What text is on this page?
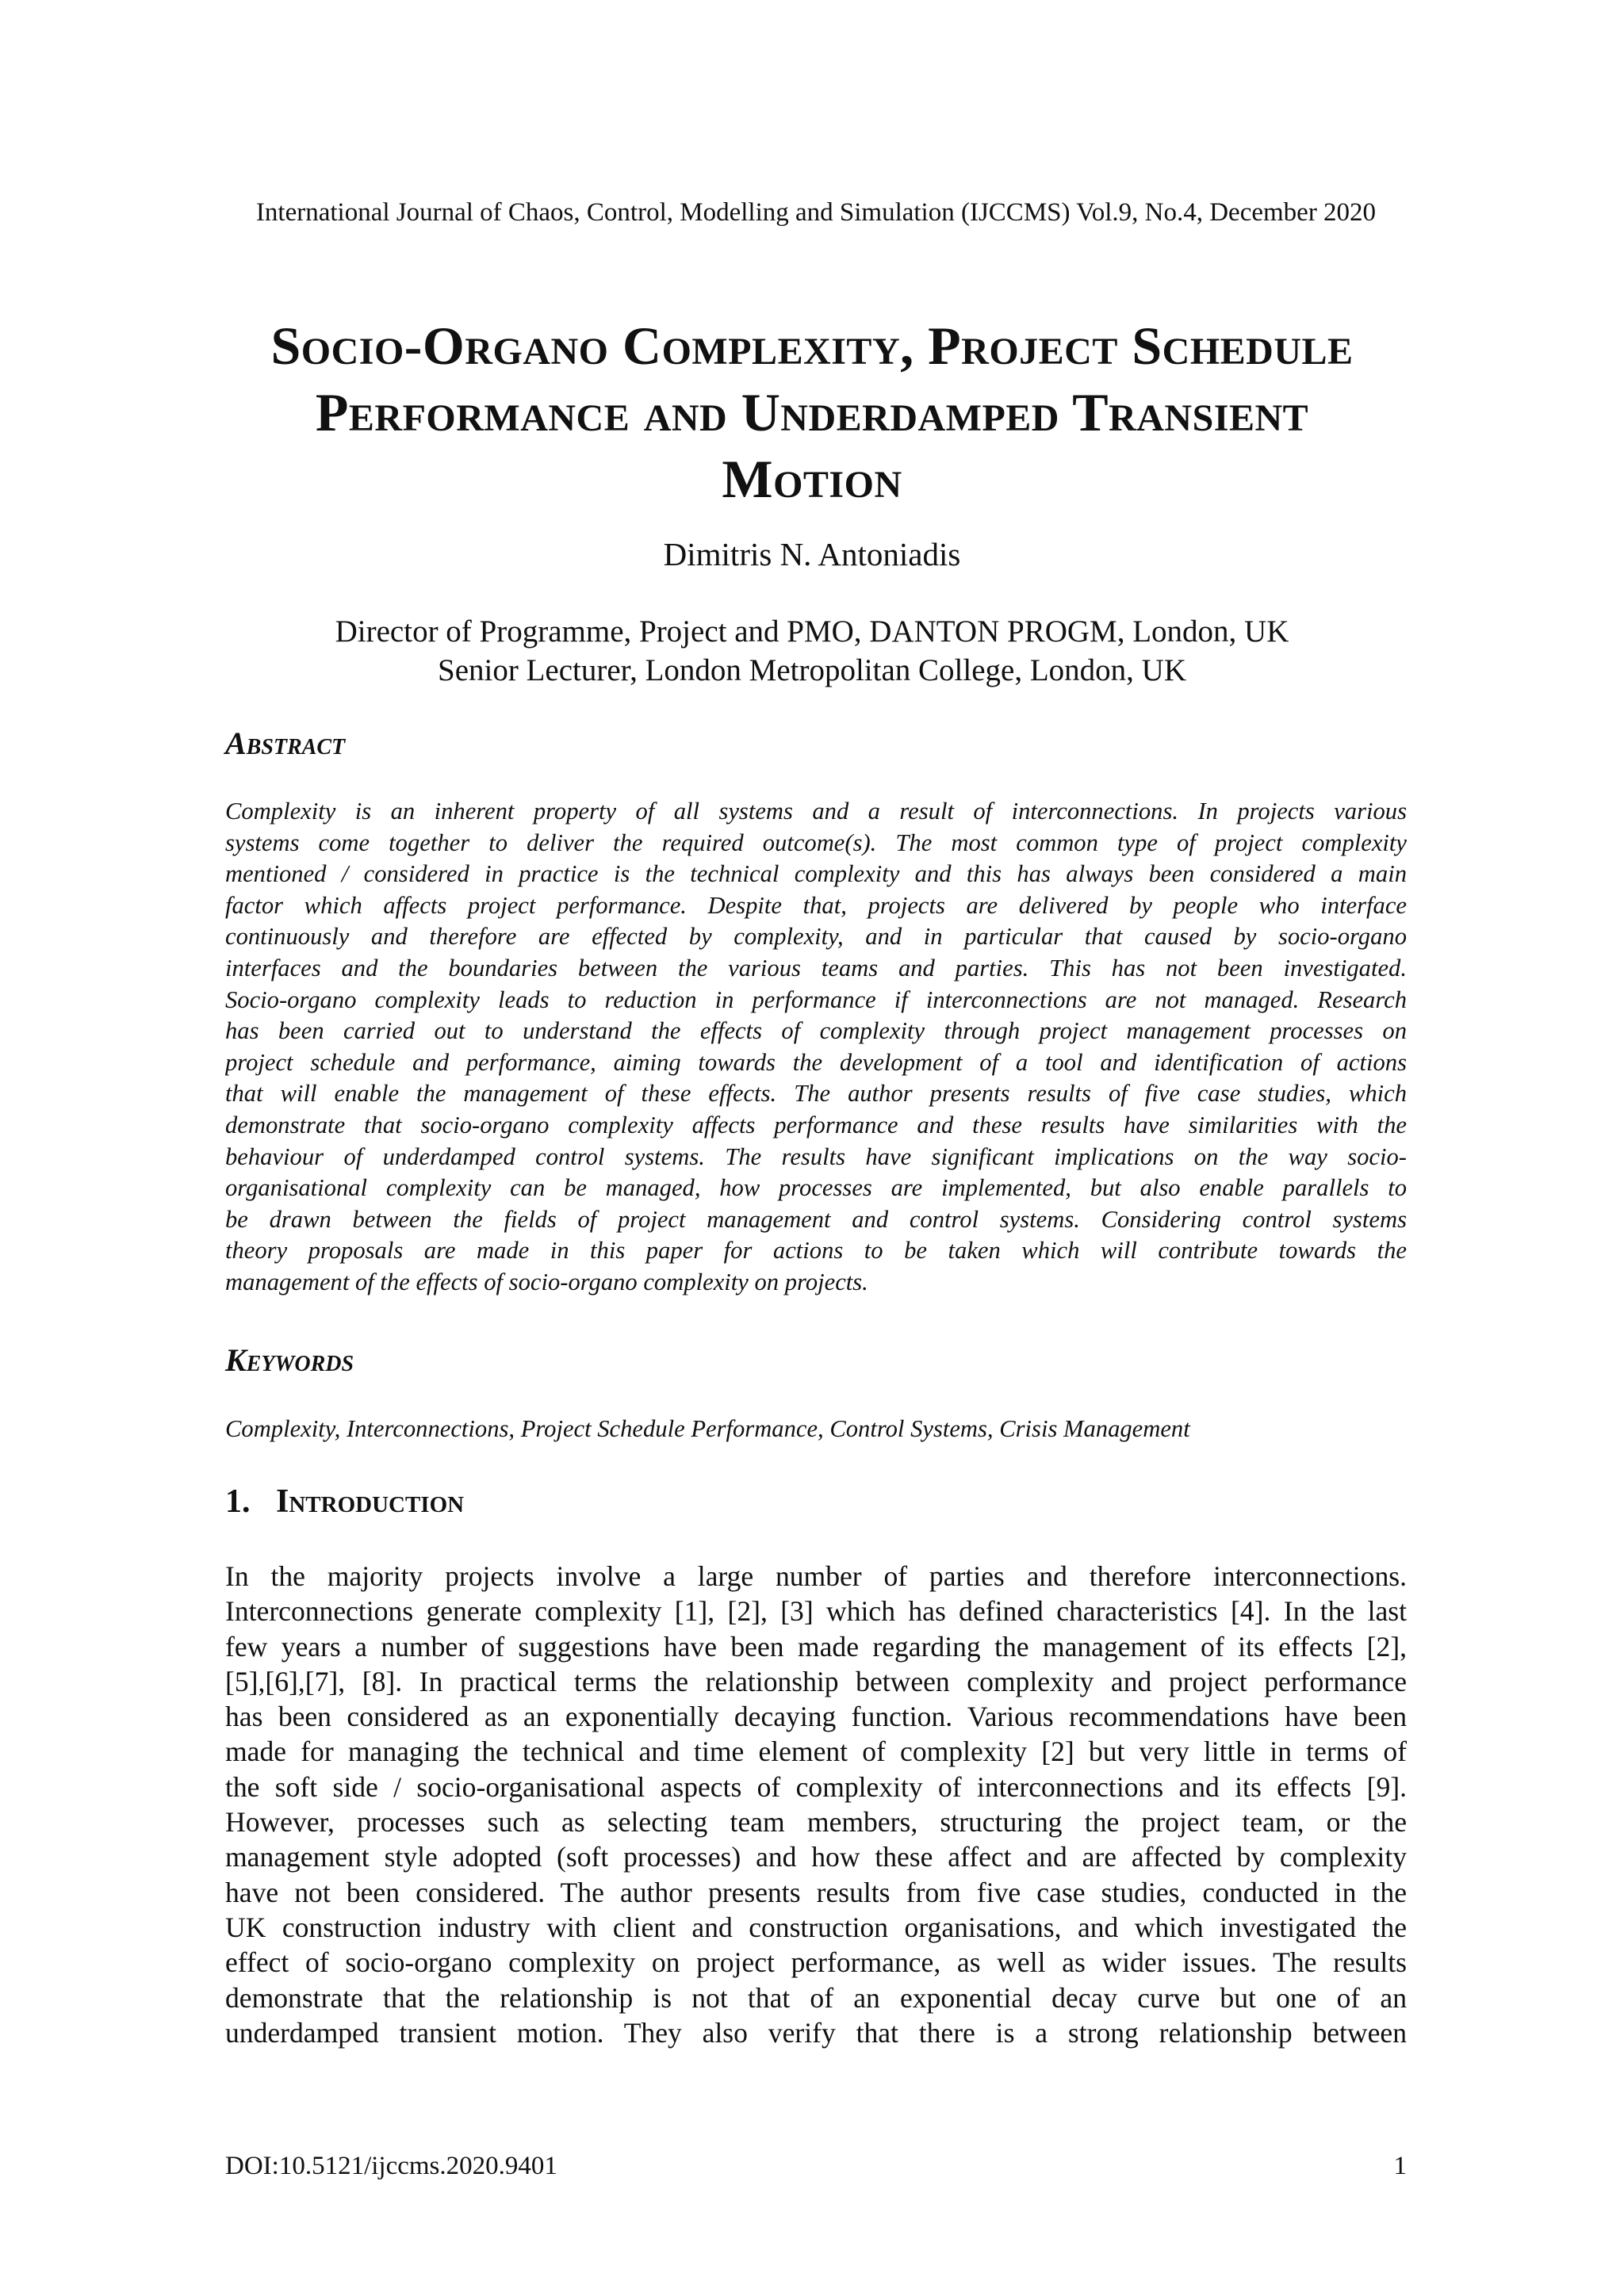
International Journal of Chaos, Control, Modelling and Simulation (IJCCMS) Vol.9, No.4, December 2020
Socio-Organo Complexity, Project Schedule
Performance and Underdamped Transient
Motion
Dimitris N. Antoniadis
Director of Programme, Project and PMO, DANTON PROGM, London, UK
Senior Lecturer, London Metropolitan College, London, UK
Abstract
Complexity is an inherent property of all systems and a result of interconnections. In projects various
systems come together to deliver the required outcome(s). The most common type of project complexity
mentioned / considered in practice is the technical complexity and this has always been considered a main
factor which affects project performance. Despite that, projects are delivered by people who interface
continuously and therefore are effected by complexity, and in particular that caused by socio-organo
interfaces and the boundaries between the various teams and parties. This has not been investigated.
Socio-organo complexity leads to reduction in performance if interconnections are not managed. Research
has been carried out to understand the effects of complexity through project management processes on
project schedule and performance, aiming towards the development of a tool and identification of actions
that will enable the management of these effects. The author presents results of five case studies, which
demonstrate that socio-organo complexity affects performance and these results have similarities with the
behaviour of underdamped control systems. The results have significant implications on the way socio-
organisational complexity can be managed, how processes are implemented, but also enable parallels to
be drawn between the fields of project management and control systems. Considering control systems
theory proposals are made in this paper for actions to be taken which will contribute towards the
management of the effects of socio-organo complexity on projects.
Keywords
Complexity, Interconnections, Project Schedule Performance, Control Systems, Crisis Management
1. Introduction
In the majority projects involve a large number of parties and therefore interconnections.
Interconnections generate complexity [1], [2], [3] which has defined characteristics [4]. In the last
few years a number of suggestions have been made regarding the management of its effects [2],
[5],[6],[7], [8]. In practical terms the relationship between complexity and project performance
has been considered as an exponentially decaying function. Various recommendations have been
made for managing the technical and time element of complexity [2] but very little in terms of
the soft side / socio-organisational aspects of complexity of interconnections and its effects [9].
However, processes such as selecting team members, structuring the project team, or the
management style adopted (soft processes) and how these affect and are affected by complexity
have not been considered. The author presents results from five case studies, conducted in the
UK construction industry with client and construction organisations, and which investigated the
effect of socio-organo complexity on project performance, as well as wider issues. The results
demonstrate that the relationship is not that of an exponential decay curve but one of an
underdamped transient motion. They also verify that there is a strong relationship between
DOI:10.5121/ijccms.2020.9401	1
